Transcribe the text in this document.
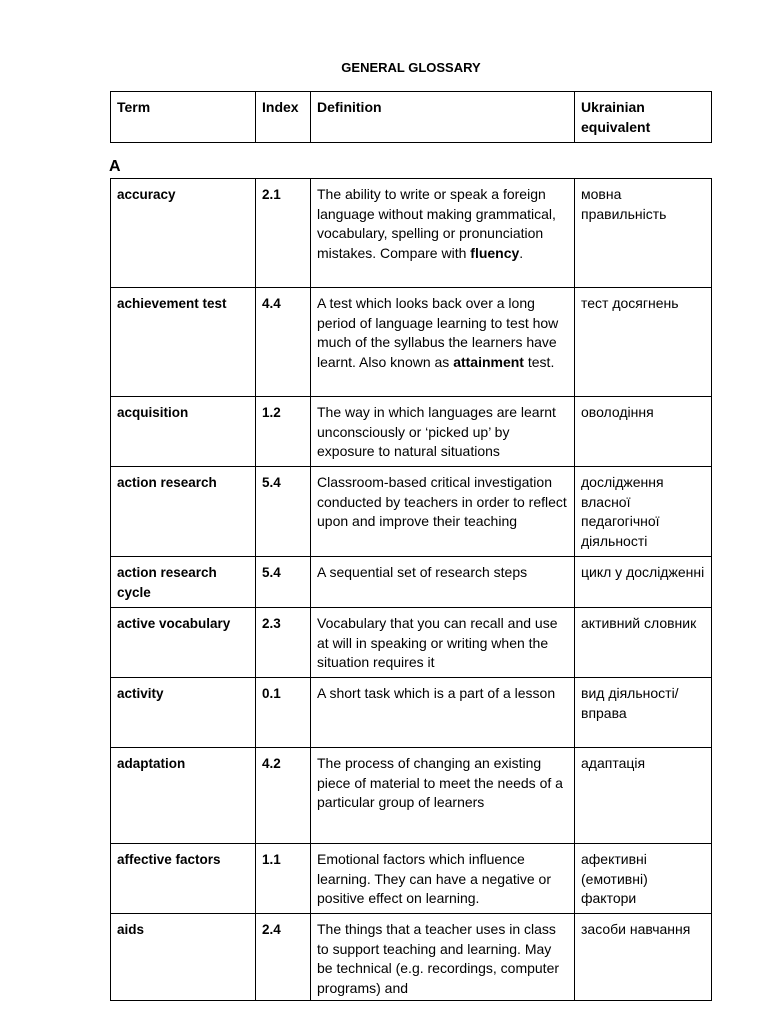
GENERAL GLOSSARY
Term	Index	Definition	Ukrainian equivalent
A
accuracy	2.1	The ability to write or speak a foreign language without making grammatical, vocabulary, spelling or pronunciation mistakes. Compare with fluency.	мовна правильність
achievement test	4.4	A test which looks back over a long period of language learning to test how much of the syllabus the learners have learnt. Also known as attainment test.	тест досягнень
acquisition	1.2	The way in which languages are learnt unconsciously or ‘picked up’ by exposure to natural situations	оволодіння
action research	5.4	Classroom-based critical investigation conducted by teachers in order to reflect upon and improve their teaching	дослідження власної педагогічної діяльності
action research cycle	5.4	A sequential set of research steps	цикл у дослідженні
active vocabulary	2.3	Vocabulary that you can recall and use at will in speaking or writing when the situation requires it	активний словник
activity	0.1	A short task which is a part of a lesson	вид діяльності/вправа
adaptation	4.2	The process of changing an existing piece of material to meet the needs of a particular group of learners	адаптація
affective factors	1.1	Emotional factors which influence learning. They can have a negative or positive effect on learning.	афективні (емотивні) фактори
aids	2.4	The things that a teacher uses in class to support teaching and learning. May be technical (e.g. recordings, computer programs) and	засоби навчання
